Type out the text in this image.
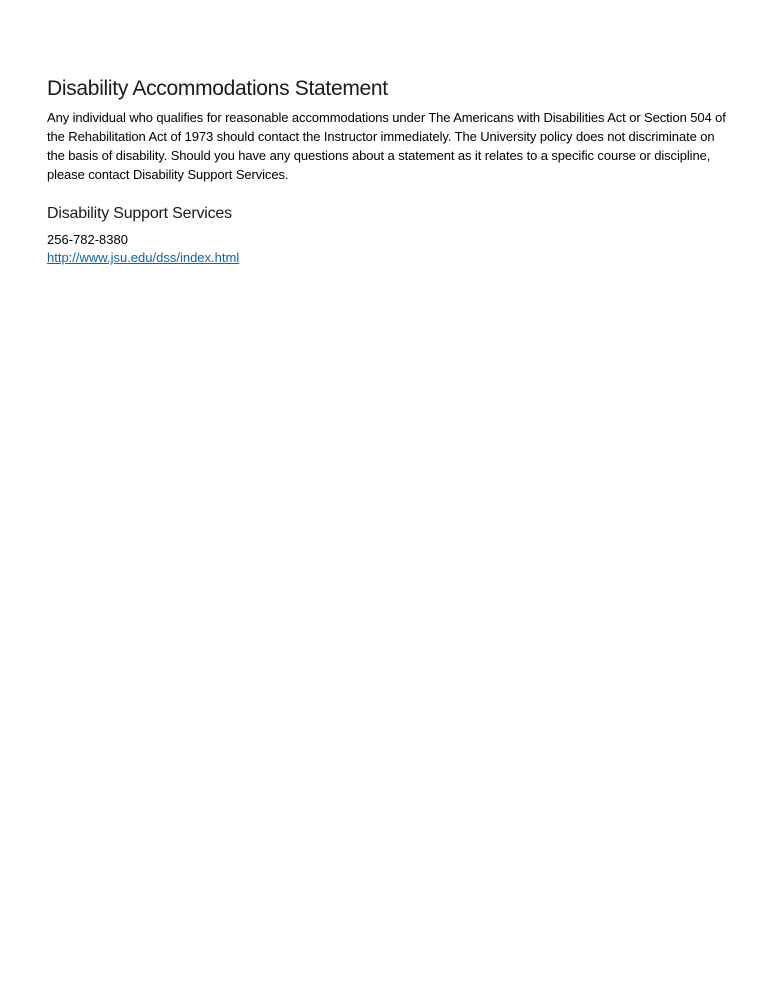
Disability Accommodations Statement

Any individual who qualifies for reasonable accommodations under The Americans with Disabilities Act or Section 504 of the Rehabilitation Act of 1973 should contact the Instructor immediately. The University policy does not discriminate on the basis of disability. Should you have any questions about a statement as it relates to a specific course or discipline, please contact Disability Support Services.

Disability Support Services

256-782-8380

http://www.jsu.edu/dss/index.html
